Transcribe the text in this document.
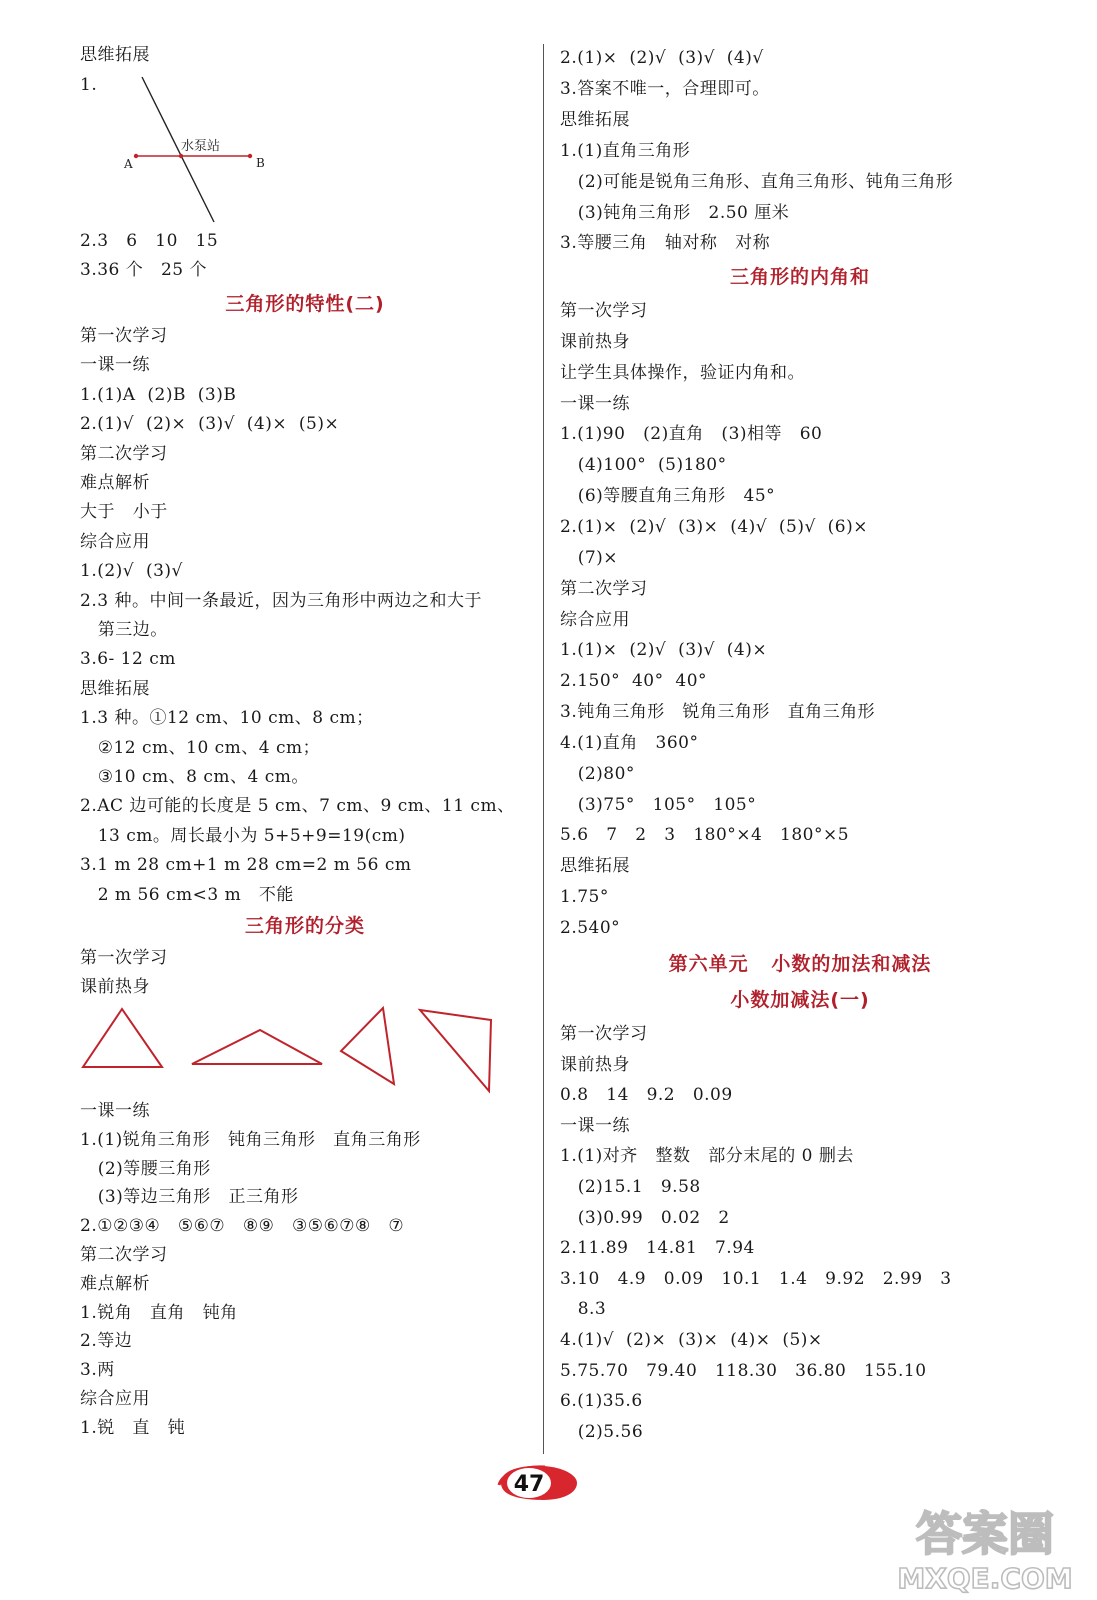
思维拓展
1.
水泵站
A	B
2.3   6   10   15
3.36 个   25 个
三角形的特性(二)
第一次学习
一课一练
1.(1)A  (2)B  (3)B
2.(1)√  (2)×  (3)√  (4)×  (5)×
第二次学习
难点解析
大于   小于
综合应用
1.(2)√  (3)√
2.3 种。中间一条最近，因为三角形中两边之和大于
第三边。
3.6- 12 cm
思维拓展
1.3 种。①12 cm、10 cm、8 cm；
②12 cm、10 cm、4 cm；
③10 cm、8 cm、4 cm。
2.AC 边可能的长度是 5 cm、7 cm、9 cm、11 cm、
13 cm。周长最小为 5+5+9=19(cm)
3.1 m 28 cm+1 m 28 cm=2 m 56 cm
2 m 56 cm<3 m   不能
三角形的分类
第一次学习
课前热身
一课一练
1.(1)锐角三角形   钝角三角形   直角三角形
(2)等腰三角形
(3)等边三角形   正三角形
2.①②③④   ⑤⑥⑦   ⑧⑨   ③⑤⑥⑦⑧   ⑦
第二次学习
难点解析
1.锐角   直角   钝角
2.等边
3.两
综合应用
1.锐   直   钝
2.(1)×  (2)√  (3)√  (4)√
3.答案不唯一，合理即可。
思维拓展
1.(1)直角三角形
(2)可能是锐角三角形、直角三角形、钝角三角形
(3)钝角三角形   2.50 厘米
3.等腰三角   轴对称   对称
三角形的内角和
第一次学习
课前热身
让学生具体操作，验证内角和。
一课一练
1.(1)90   (2)直角   (3)相等   60
(4)100°  (5)180°
(6)等腰直角三角形   45°
2.(1)×  (2)√  (3)×  (4)√  (5)√  (6)×
(7)×
第二次学习
综合应用
1.(1)×  (2)√  (3)√  (4)×
2.150°  40°  40°
3.钝角三角形   锐角三角形   直角三角形
4.(1)直角   360°
(2)80°
(3)75°   105°   105°
5.6   7   2   3   180°×4   180°×5
思维拓展
1.75°
2.540°
第六单元   小数的加法和减法
小数加减法(一)
第一次学习
课前热身
0.8   14   9.2   0.09
一课一练
1.(1)对齐   整数   部分末尾的 0 删去
(2)15.1   9.58
(3)0.99   0.02   2
2.11.89   14.81   7.94
3.10   4.9   0.09   10.1   1.4   9.92   2.99   3
8.3
4.(1)√  (2)×  (3)×  (4)×  (5)×
5.75.70   79.40   118.30   36.80   155.10
6.(1)35.6
(2)5.56
47
答案圈
MXQE.COM
